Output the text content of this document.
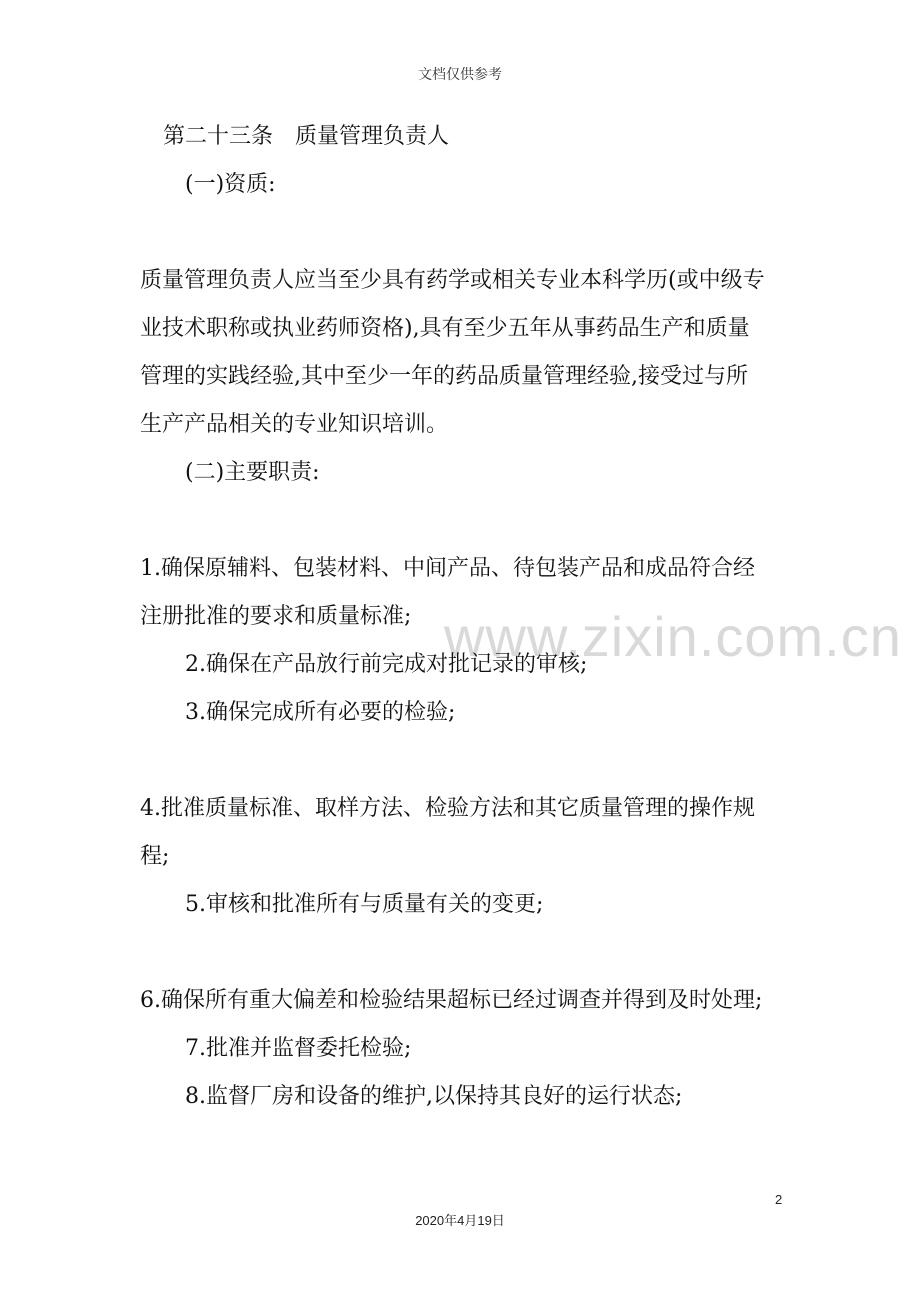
文档仅供参考
www.zixin.com.cn
第二十三条　质量管理负责人
(一)资质:
质量管理负责人应当至少具有药学或相关专业本科学历(或中级专
业技术职称或执业药师资格),具有至少五年从事药品生产和质量
管理的实践经验,其中至少一年的药品质量管理经验,接受过与所
生产产品相关的专业知识培训。
(二)主要职责:
1.确保原辅料、包装材料、中间产品、待包装产品和成品符合经
注册批准的要求和质量标准;
2.确保在产品放行前完成对批记录的审核;
3.确保完成所有必要的检验;
4.批准质量标准、取样方法、检验方法和其它质量管理的操作规
程;
5.审核和批准所有与质量有关的变更;
6.确保所有重大偏差和检验结果超标已经过调查并得到及时处理;
7.批准并监督委托检验;
8.监督厂房和设备的维护,以保持其良好的运行状态;
2
2020年4月19日
